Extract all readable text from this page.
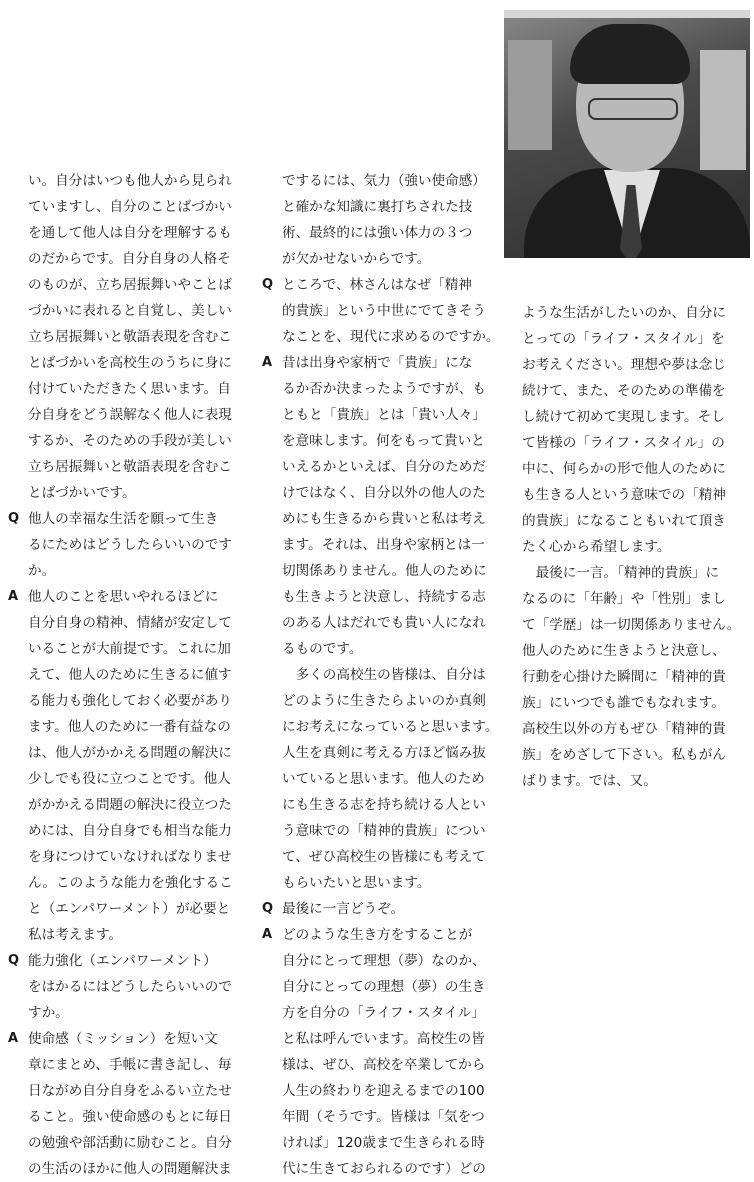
い。自分はいつも他人から見られ
ていますし、自分のことばづかい
を通して他人は自分を理解するも
のだからです。自分自身の人格そ
のものが、立ち居振舞いやことば
づかいに表れると自覚し、美しい
立ち居振舞いと敬語表現を含むこ
とばづかいを高校生のうちに身に
付けていただきたく思います。自
分自身をどう誤解なく他人に表現
するか、そのための手段が美しい
立ち居振舞いと敬語表現を含むこ
とばづかいです。
Q 他人の幸福な生活を願って生き
るにためはどうしたらいいのです
か。
A 他人のことを思いやれるほどに
自分自身の精神、情緒が安定して
いることが大前提です。これに加
えて、他人のために生きるに値す
る能力も強化しておく必要があり
ます。他人のために一番有益なの
は、他人がかかえる問題の解決に
少しでも役に立つことです。他人
がかかえる問題の解決に役立つた
めには、自分自身でも相当な能力
を身につけていなければなりませ
ん。このような能力を強化するこ
と（エンパワーメント）が必要と
私は考えます。
Q 能力強化（エンパワーメント）
をはかるにはどうしたらいいので
すか。
A 使命感（ミッション）を短い文
章にまとめ、手帳に書き記し、毎
日ながめ自分自身をふるい立たせ
ること。強い使命感のもとに毎日
の勉強や部活動に励むこと。自分
の生活のほかに他人の問題解決ま
でするには、気力（強い使命感）
と確かな知識に裏打ちされた技
術、最終的には強い体力の３つ
が欠かせないからです。
Q ところで、林さんはなぜ「精神
的貴族」という中世にでてきそう
なことを、現代に求めるのですか。
A 昔は出身や家柄で「貴族」にな
るか否か決まったようですが、も
ともと「貴族」とは「貴い人々」
を意味します。何をもって貴いと
いえるかといえば、自分のためだ
けではなく、自分以外の他人のた
めにも生きるから貴いと私は考え
ます。それは、出身や家柄とは一
切関係ありません。他人のために
も生きようと決意し、持続する志
のある人はだれでも貴い人になれ
るものです。
　多くの高校生の皆様は、自分は
どのように生きたらよいのか真剣
にお考えになっていると思います。
人生を真剣に考える方ほど悩み抜
いていると思います。他人のため
にも生きる志を持ち続ける人とい
う意味での「精神的貴族」につい
て、ぜひ高校生の皆様にも考えて
もらいたいと思います。
Q 最後に一言どうぞ。
A どのような生き方をすることが
自分にとって理想（夢）なのか、
自分にとっての理想（夢）の生き
方を自分の「ライフ・スタイル」
と私は呼んでいます。高校生の皆
様は、ぜひ、高校を卒業してから
人生の終わりを迎えるまでの100
年間（そうです。皆様は「気をつ
ければ」120歳まで生きられる時
代に生きておられるのです）どの
ような生活がしたいのか、自分に
とっての「ライフ・スタイル」を
お考えください。理想や夢は念じ
続けて、また、そのための準備を
し続けて初めて実現します。そし
て皆様の「ライフ・スタイル」の
中に、何らかの形で他人のために
も生きる人という意味での「精神
的貴族」になることもいれて頂き
たく心から希望します。
　最後に一言。「精神的貴族」に
なるのに「年齢」や「性別」まし
て「学歴」は一切関係ありません。
他人のために生きようと決意し、
行動を心掛けた瞬間に「精神的貴
族」にいつでも誰でもなれます。
高校生以外の方もぜひ「精神的貴
族」をめざして下さい。私もがん
ばります。では、又。
